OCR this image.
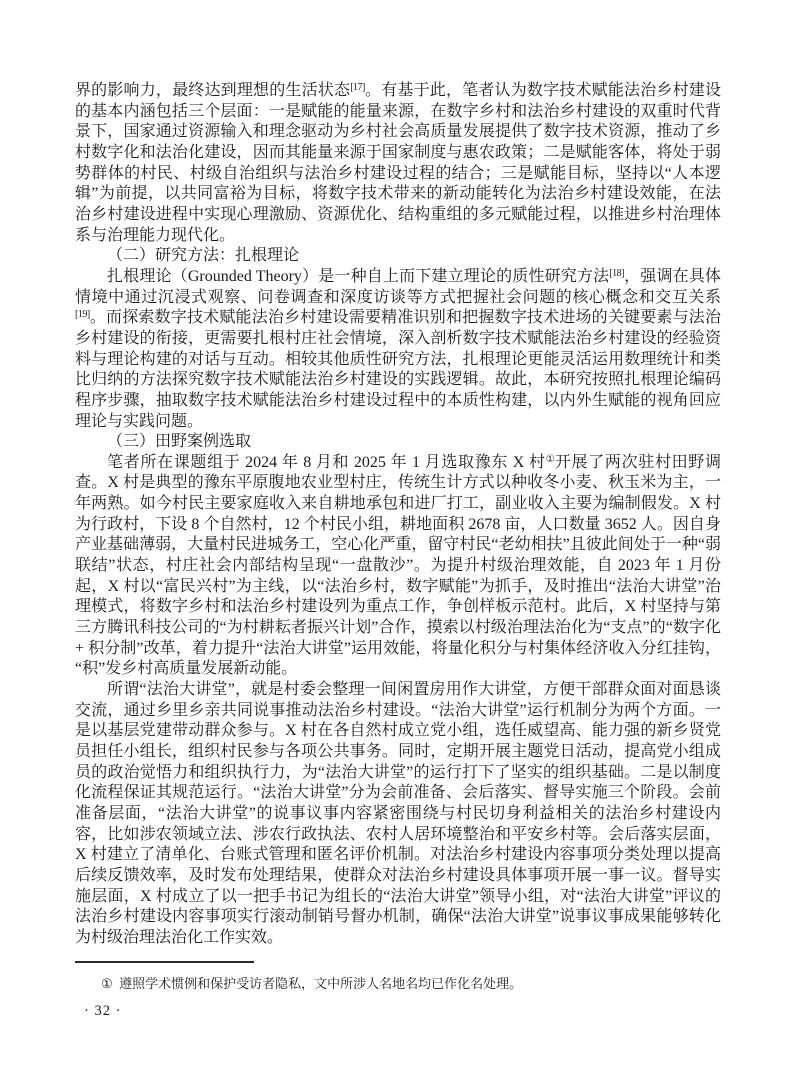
界的影响力，最终达到理想的生活状态[17]。有基于此，笔者认为数字技术赋能法治乡村建设的基本内涵包括三个层面：一是赋能的能量来源，在数字乡村和法治乡村建设的双重时代背景下，国家通过资源输入和理念驱动为乡村社会高质量发展提供了数字技术资源，推动了乡村数字化和法治化建设，因而其能量来源于国家制度与惠农政策；二是赋能客体，将处于弱势群体的村民、村级自治组织与法治乡村建设过程的结合；三是赋能目标，坚持以“人本逻辑”为前提，以共同富裕为目标，将数字技术带来的新动能转化为法治乡村建设效能，在法治乡村建设进程中实现心理激励、资源优化、结构重组的多元赋能过程，以推进乡村治理体系与治理能力现代化。

（二）研究方法：扎根理论

扎根理论（Grounded Theory）是一种自上而下建立理论的质性研究方法[18]，强调在具体情境中通过沉浸式观察、问卷调查和深度访谈等方式把握社会问题的核心概念和交互关系[19]。而探索数字技术赋能法治乡村建设需要精准识别和把握数字技术进场的关键要素与法治乡村建设的衔接，更需要扎根村庄社会情境，深入剖析数字技术赋能法治乡村建设的经验资料与理论构建的对话与互动。相较其他质性研究方法，扎根理论更能灵活运用数理统计和类比归纳的方法探究数字技术赋能法治乡村建设的实践逻辑。故此，本研究按照扎根理论编码程序步骤，抽取数字技术赋能法治乡村建设过程中的本质性构建，以内外生赋能的视角回应理论与实践问题。

（三）田野案例选取

笔者所在课题组于 2024 年 8 月和 2025 年 1 月选取豫东 X 村①开展了两次驻村田野调查。X 村是典型的豫东平原腹地农业型村庄，传统生计方式以种收冬小麦、秋玉米为主，一年两熟。如今村民主要家庭收入来自耕地承包和进厂打工，副业收入主要为编制假发。X 村为行政村，下设 8 个自然村，12 个村民小组，耕地面积 2678 亩，人口数量 3652 人。因自身产业基础薄弱，大量村民进城务工，空心化严重，留守村民“老幼相扶”且彼此间处于一种“弱联结”状态，村庄社会内部结构呈现“一盘散沙”。为提升村级治理效能，自 2023 年 1 月份起，X 村以“富民兴村”为主线，以“法治乡村，数字赋能”为抓手，及时推出“法治大讲堂”治理模式，将数字乡村和法治乡村建设列为重点工作，争创样板示范村。此后，X 村坚持与第三方腾讯科技公司的“为村耕耘者振兴计划”合作，摸索以村级治理法治化为“支点”的“数字化 + 积分制”改革，着力提升“法治大讲堂”运用效能，将量化积分与村集体经济收入分红挂钩，“积”发乡村高质量发展新动能。

所谓“法治大讲堂”，就是村委会整理一间闲置房用作大讲堂，方便干部群众面对面恳谈交流，通过乡里乡亲共同说事推动法治乡村建设。“法治大讲堂”运行机制分为两个方面。一是以基层党建带动群众参与。X 村在各自然村成立党小组，选任威望高、能力强的新乡贤党员担任小组长，组织村民参与各项公共事务。同时，定期开展主题党日活动，提高党小组成员的政治觉悟力和组织执行力，为“法治大讲堂”的运行打下了坚实的组织基础。二是以制度化流程保证其规范运行。“法治大讲堂”分为会前准备、会后落实、督导实施三个阶段。会前准备层面，“法治大讲堂”的说事议事内容紧密围绕与村民切身利益相关的法治乡村建设内容，比如涉农领域立法、涉农行政执法、农村人居环境整治和平安乡村等。会后落实层面，X 村建立了清单化、台账式管理和匿名评价机制。对法治乡村建设内容事项分类处理以提高后续反馈效率，及时发布处理结果，使群众对法治乡村建设具体事项开展一事一议。督导实施层面，X 村成立了以一把手书记为组长的“法治大讲堂”领导小组，对“法治大讲堂”评议的法治乡村建设内容事项实行滚动制销号督办机制，确保“法治大讲堂”说事议事成果能够转化为村级治理法治化工作实效。

① 遵照学术惯例和保护受访者隐私，文中所涉人名地名均已作化名处理。
· 32 ·
